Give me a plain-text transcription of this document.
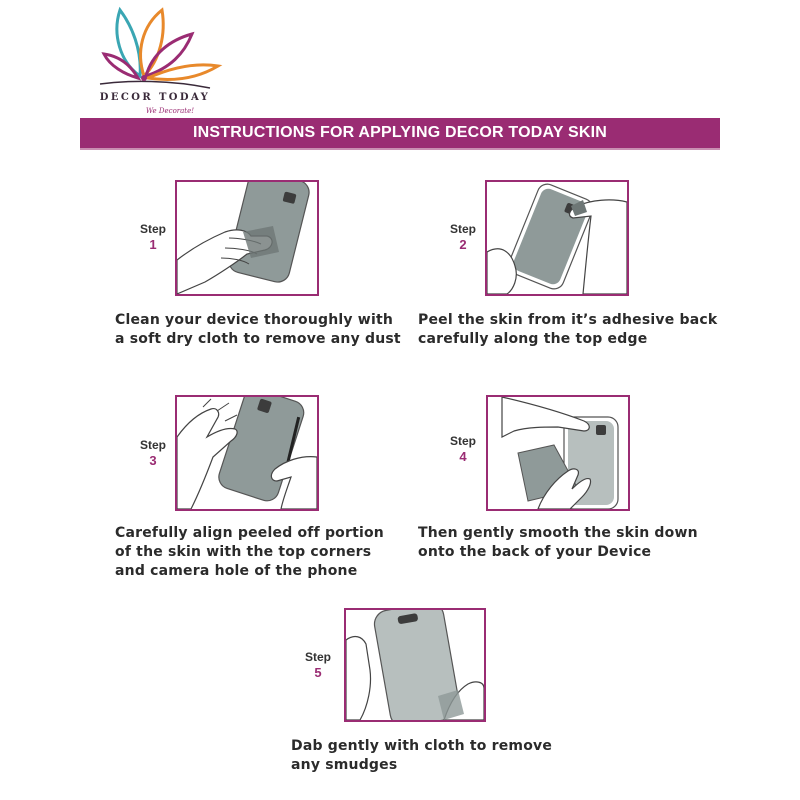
DECOR TODAY
We Decorate!
INSTRUCTIONS FOR APPLYING DECOR TODAY SKIN
Step
1
Clean your device thoroughly with
a soft dry cloth to remove any dust
Step
2
Peel the skin from it’s adhesive back
carefully along the top edge
Step
3
Carefully align peeled off portion
of the skin with the top corners
and camera hole of the phone
Step
4
Then gently smooth the skin down
onto the back of your Device
Step
5
Dab gently with cloth to remove
any smudges
